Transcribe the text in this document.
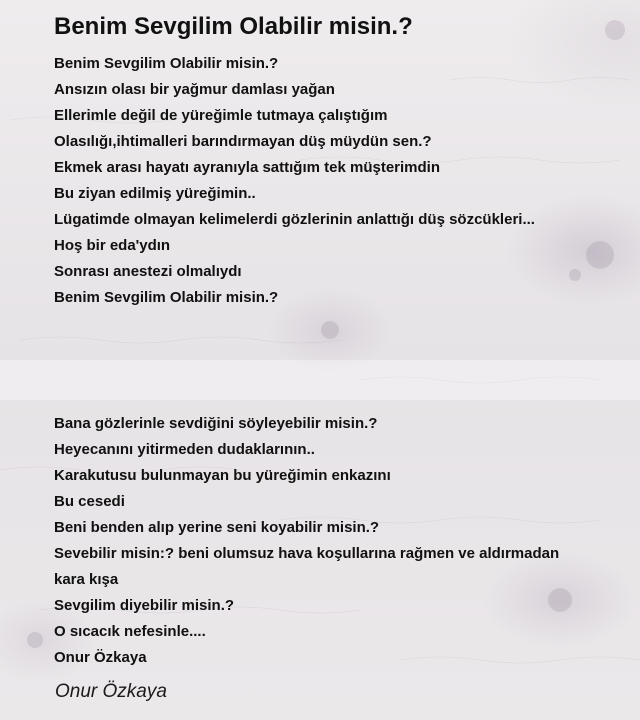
Benim Sevgilim Olabilir misin.?
Benim Sevgilim Olabilir misin.?
Ansızın olası bir yağmur damlası yağan
Ellerimle değil de yüreğimle tutmaya çalıştığım
Olasılığı,ihtimalleri barındırmayan düş müydün sen.?
Ekmek arası hayatı ayranıyla sattığım tek müşterimdin
Bu ziyan edilmiş yüreğimin..
Lügatimde olmayan kelimelerdi gözlerinin anlattığı düş sözcükleri...
Hoş bir eda'ydın
Sonrası anestezi olmalıydı
Benim Sevgilim Olabilir misin.?
Bana gözlerinle sevdiğini söyleyebilir misin.?
Heyecanını yitirmeden dudaklarının..
Karakutusu bulunmayan bu yüreğimin enkazını
Bu cesedi
Beni benden alıp yerine seni koyabilir misin.?
Sevebilir misin:? beni olumsuz hava koşullarına rağmen ve aldırmadan
kara kışa
Sevgilim diyebilir misin.?
O sıcacık nefesinle....
Onur Özkaya
Onur Özkaya
